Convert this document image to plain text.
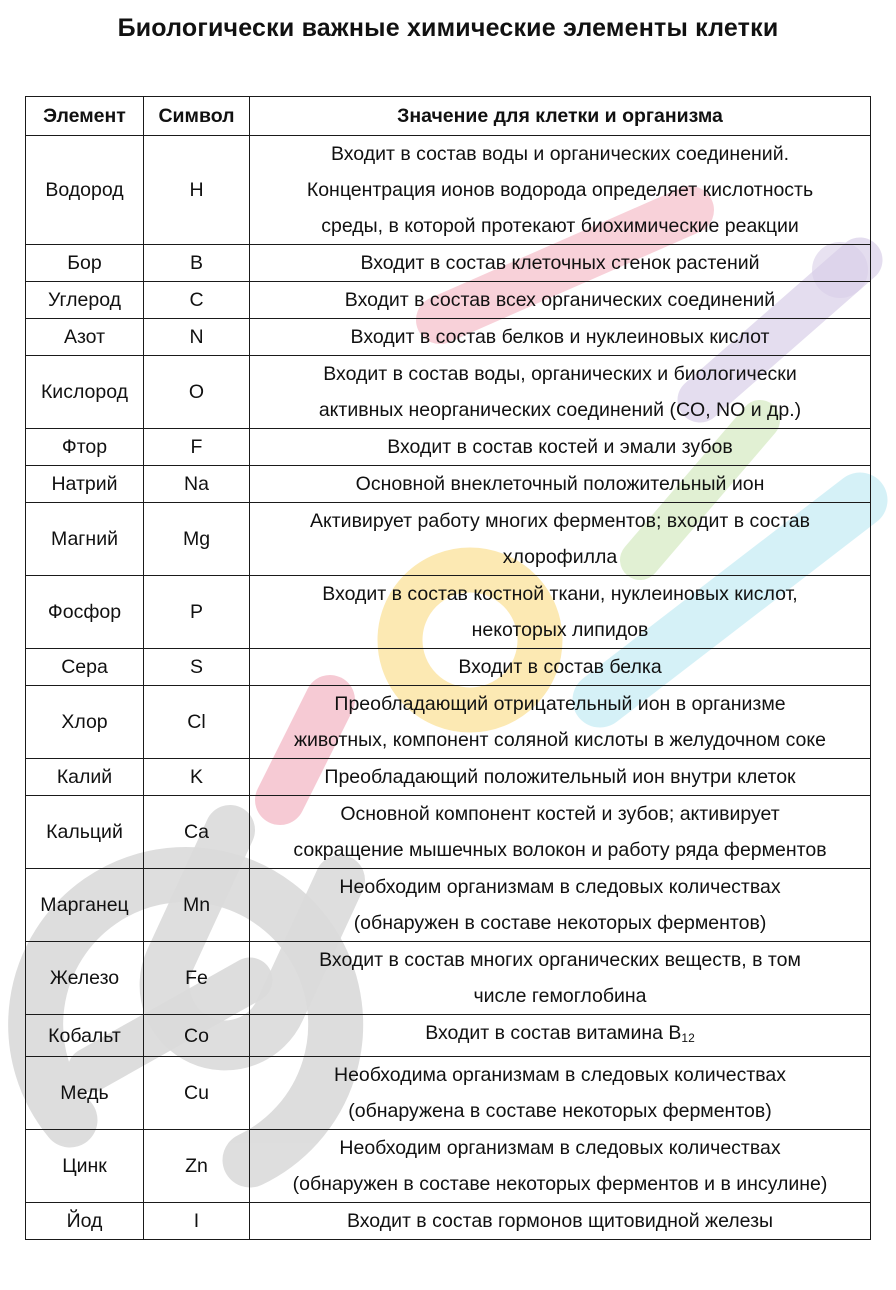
Биологически важные химические элементы клетки
Элемент	Символ	Значение для клетки и организма
Водород	H	Входит в состав воды и органических соединений.
Концентрация ионов водорода определяет кислотность
среды, в которой протекают биохимические реакции
Бор	B	Входит в состав клеточных стенок растений
Углерод	C	Входит в состав всех органических соединений
Азот	N	Входит в состав белков и нуклеиновых кислот
Кислород	O	Входит в состав воды, органических и биологически
активных неорганических соединений (CO, NO и др.)
Фтор	F	Входит в состав костей и эмали зубов
Натрий	Na	Основной внеклеточный положительный ион
Магний	Mg	Активирует работу многих ферментов; входит в состав
хлорофилла
Фосфор	P	Входит в состав костной ткани, нуклеиновых кислот,
некоторых липидов
Сера	S	Входит в состав белка
Хлор	Cl	Преобладающий отрицательный ион в организме
животных, компонент соляной кислоты в желудочном соке
Калий	K	Преобладающий положительный ион внутри клеток
Кальций	Ca	Основной компонент костей и зубов; активирует
сокращение мышечных волокон и работу ряда ферментов
Марганец	Mn	Необходим организмам в следовых количествах
(обнаружен в составе некоторых ферментов)
Железо	Fe	Входит в состав многих органических веществ, в том
числе гемоглобина
Кобальт	Co	Входит в состав витамина $B_{12}$
Медь	Cu	Необходима организмам в следовых количествах
(обнаружена в составе некоторых ферментов)
Цинк	Zn	Необходим организмам в следовых количествах
(обнаружен в составе некоторых ферментов и в инсулине)
Йод	I	Входит в состав гормонов щитовидной железы
